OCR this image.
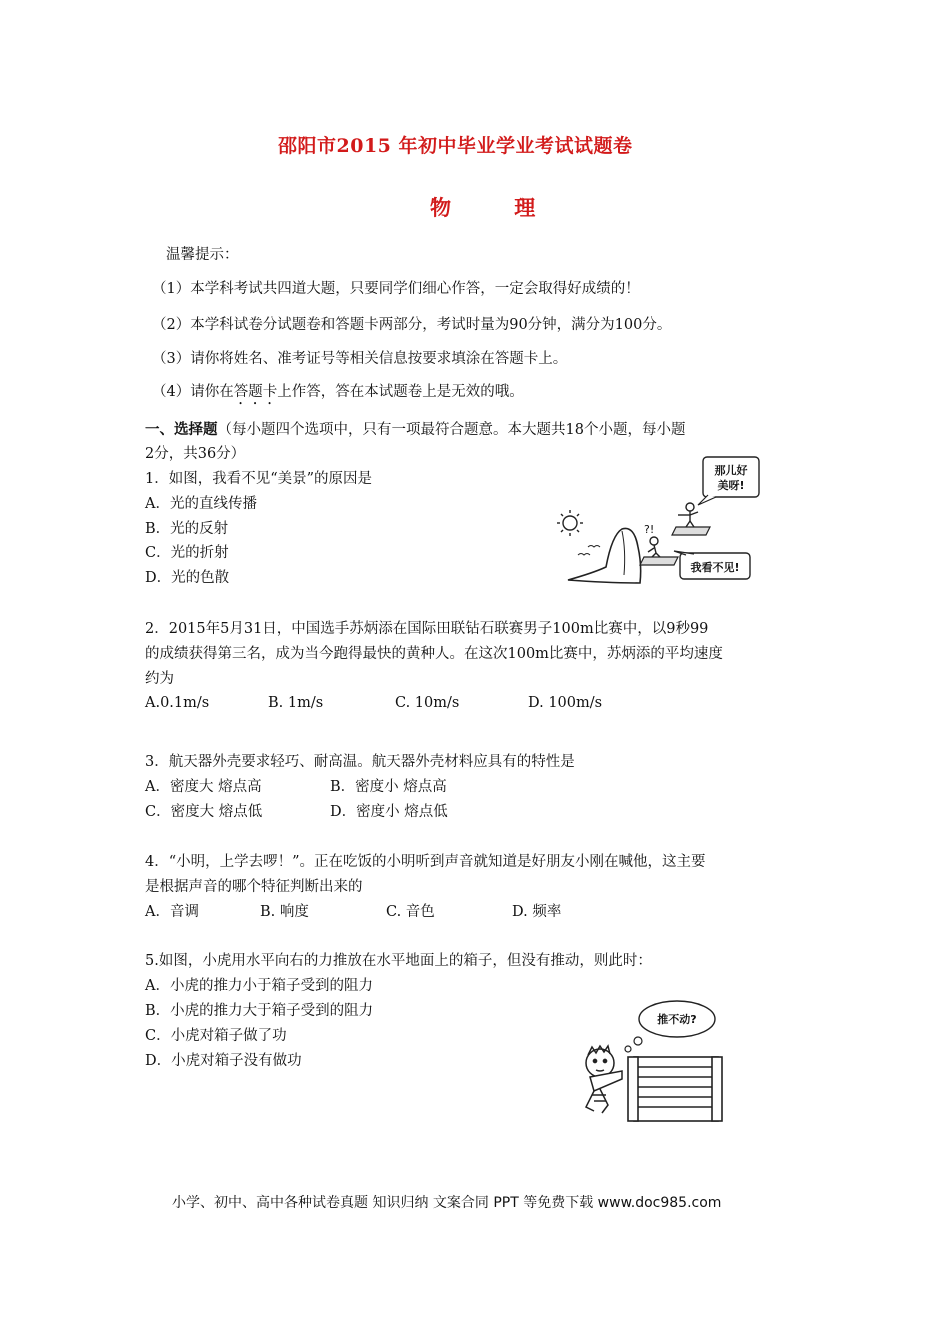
邵阳市2015 年初中毕业学业考试试题卷
物 理
温馨提示：
（1）本学科考试共四道大题，只要同学们细心作答，一定会取得好成绩的！
（2）本学科试卷分试题卷和答题卡两部分，考试时量为90分钟，满分为100分。
（3）请你将姓名、准考证号等相关信息按要求填涂在答题卡上。
（4）请你在答题卡上作答，答在本试题卷上是无效的哦。
一、选择题（每小题四个选项中，只有一项最符合题意。本大题共18个小题，每小题
2分，共36分）
1．如图，我看不见“美景”的原因是
A．光的直线传播
B．光的反射
C．光的折射
D．光的色散
那儿好
美呀!
?!
我看不见!
2．2015年5月31日，中国选手苏炳添在国际田联钻石联赛男子100m比赛中，以9秒99
的成绩获得第三名，成为当今跑得最快的黄种人。在这次100m比赛中，苏炳添的平均速度
约为
A.0.1m/s	B. 1m/s	C. 10m/s	D. 100m/s
3．航天器外壳要求轻巧、耐高温。航天器外壳材料应具有的特性是
A．密度大 熔点高	B．密度小 熔点高
C．密度大 熔点低	D．密度小 熔点低
4．“小明，上学去啰！”。正在吃饭的小明听到声音就知道是好朋友小刚在喊他，这主要
是根据声音的哪个特征判断出来的
A．音调	B. 响度	C. 音色	D. 频率
5.如图，小虎用水平向右的力推放在水平地面上的箱子，但没有推动，则此时：
A．小虎的推力小于箱子受到的阻力
B．小虎的推力大于箱子受到的阻力
C．小虎对箱子做了功
D．小虎对箱子没有做功
推不动?
小学、初中、高中各种试卷真题 知识归纳 文案合同 PPT 等免费下载 www.doc985.com
